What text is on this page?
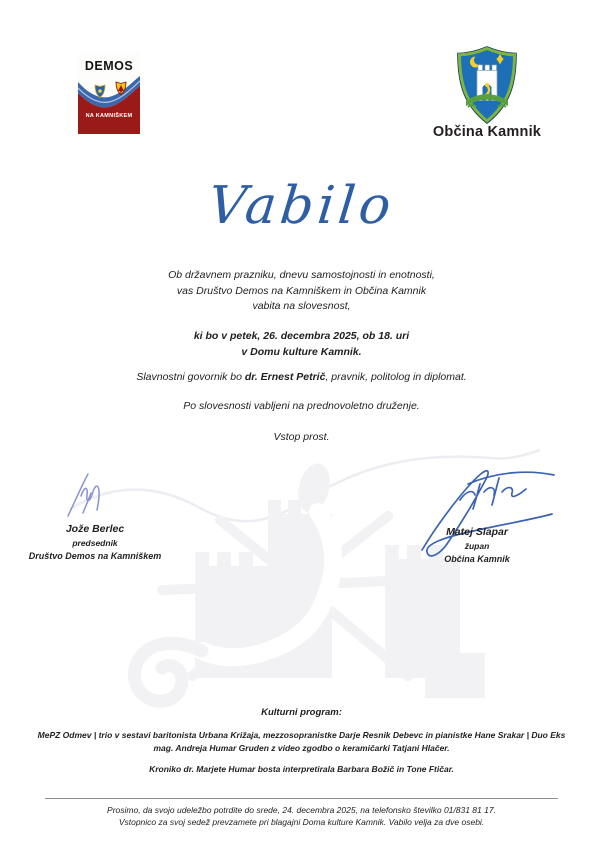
DEMOS
NA KAMNIŠKEM
Občina Kamnik
Vabilo
Ob državnem prazniku, dnevu samostojnosti in enotnosti,
vas Društvo Demos na Kamniškem in Občina Kamnik
vabita na slovesnost,
ki bo v petek, 26. decembra 2025, ob 18. uri
v Domu kulture Kamnik.
Slavnostni govornik bo dr. Ernest Petrič, pravnik, politolog in diplomat.
Po slovesnosti vabljeni na prednovoletno druženje.
Vstop prost.
Jože Berlec
predsednik
Društvo Demos na Kamniškem
Matej Slapar
župan
Občina Kamnik
Kulturni program:
MePZ Odmev | trio v sestavi baritonista Urbana Križaja, mezzosopranistke Darje Resnik Debevc in pianistke Hane Srakar | Duo Eks
mag. Andreja Humar Gruden z video zgodbo o keramičarki Tatjani Hlačer.
Kroniko dr. Marjete Humar bosta interpretirala Barbara Božič in Tone Ftičar.
Prosimo, da svojo udeležbo potrdite do srede, 24. decembra 2025, na telefonsko številko 01/831 81 17.
Vstopnico za svoj sedež prevzamete pri blagajni Doma kulture Kamnik. Vabilo velja za dve osebi.
